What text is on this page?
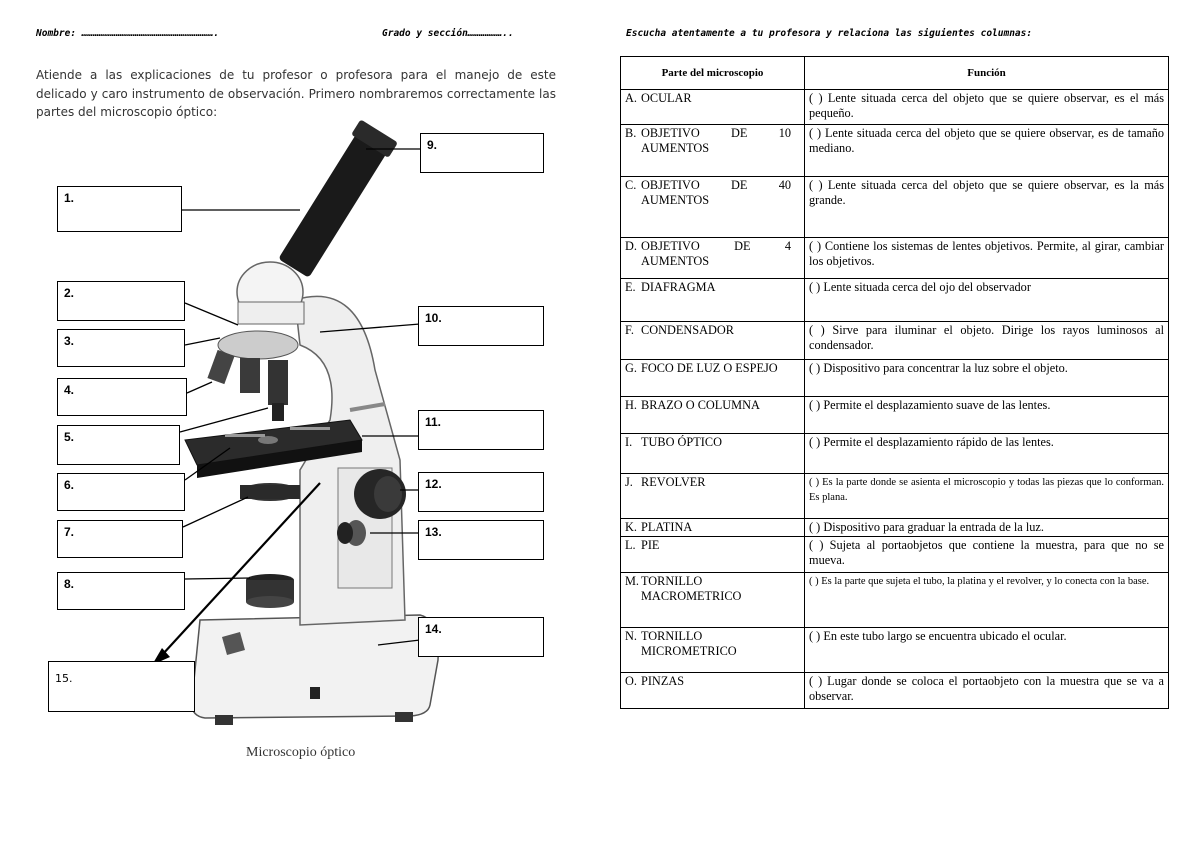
Nombre: …………………………………………………………….	Grado y sección………………..	Escucha atentamente a tu profesora y relaciona las siguientes columnas:
Atiende a las explicaciones de tu profesor o profesora para el manejo de este delicado y caro instrumento de observación. Primero nombraremos correctamente las partes del microscopio óptico:
1.
2.
3.
4.
5.
6.
7.
8.
9.
10.
11.
12.
13.
14.
15.
Microscopio óptico
Parte del microscopio	Función
A. OCULAR	( ) Lente situada cerca del objeto que se quiere observar, es el más pequeño.
B. OBJETIVO DE 10 AUMENTOS	( ) Lente situada cerca del objeto que se quiere observar, es de tamaño mediano.
C. OBJETIVO DE 40 AUMENTOS	( ) Lente situada cerca del objeto que se quiere observar, es la más grande.
D. OBJETIVO DE 4 AUMENTOS	( ) Contiene los sistemas de lentes objetivos. Permite, al girar, cambiar los objetivos.
E. DIAFRAGMA	( ) Lente situada cerca del ojo del observador
F. CONDENSADOR	( ) Sirve para iluminar el objeto. Dirige los rayos luminosos al condensador.
G. FOCO DE LUZ O ESPEJO	( ) Dispositivo para concentrar la luz sobre el objeto.
H. BRAZO O COLUMNA	( ) Permite el desplazamiento suave de las lentes.
I. TUBO ÓPTICO	( ) Permite el desplazamiento rápido de las lentes.
J. REVOLVER	( ) Es la parte donde se asienta el microscopio y todas las piezas que lo conforman. Es plana.
K. PLATINA	( ) Dispositivo para graduar la entrada de la luz.
L. PIE	( ) Sujeta al portaobjetos que contiene la muestra, para que no se mueva.
M. TORNILLO MACROMETRICO	( ) Es la parte que sujeta el tubo, la platina y el revolver, y lo conecta con la base.
N. TORNILLO MICROMETRICO	( ) En este tubo largo se encuentra ubicado el ocular.
O. PINZAS	( ) Lugar donde se coloca el portaobjeto con la muestra que se va a observar.
